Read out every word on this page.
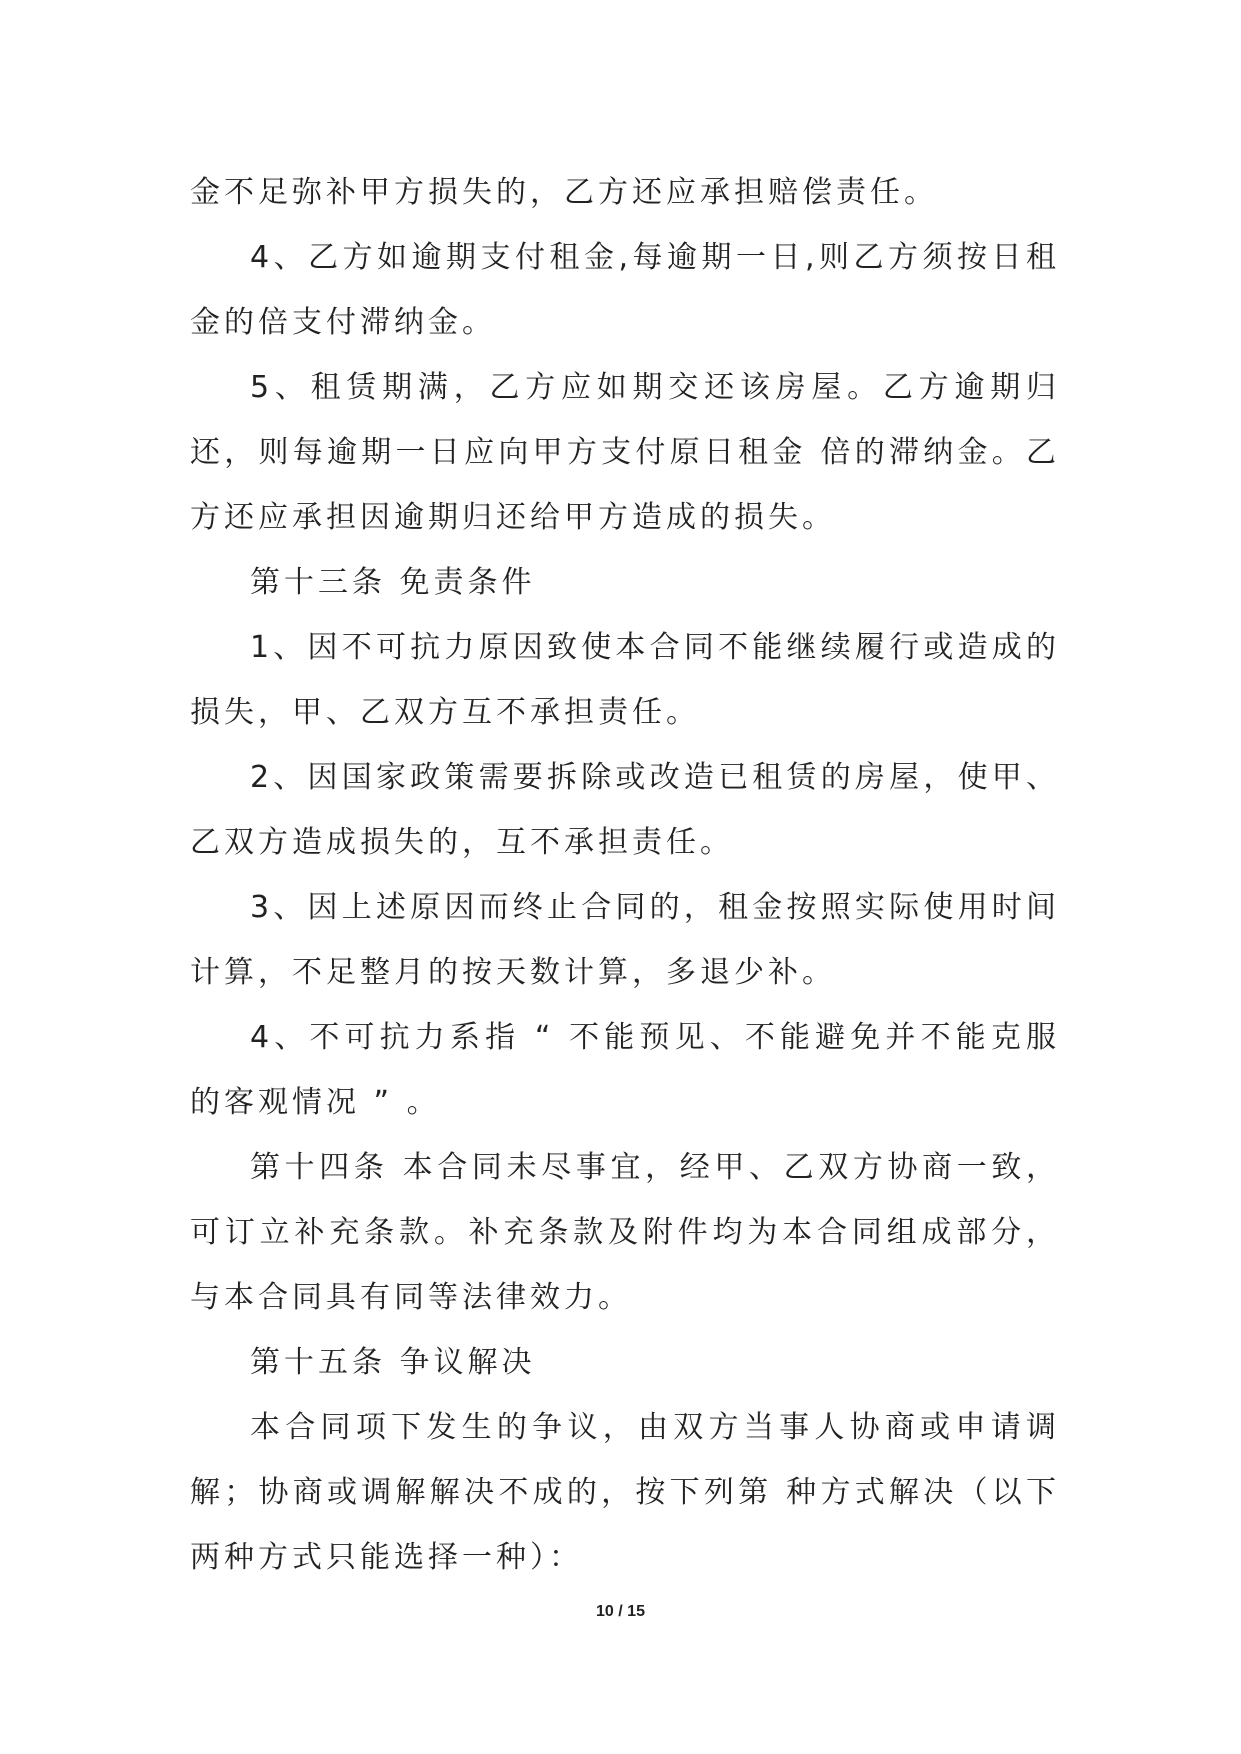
金不足弥补甲方损失的，乙方还应承担赔偿责任。

4、乙方如逾期支付租金,每逾期一日,则乙方须按日租金的倍支付滞纳金。

5、租赁期满，乙方应如期交还该房屋。乙方逾期归还，则每逾期一日应向甲方支付原日租金 倍的滞纳金。乙方还应承担因逾期归还给甲方造成的损失。

第十三条 免责条件

1、因不可抗力原因致使本合同不能继续履行或造成的损失，甲、乙双方互不承担责任。

2、因国家政策需要拆除或改造已租赁的房屋，使甲、乙双方造成损失的，互不承担责任。

3、因上述原因而终止合同的，租金按照实际使用时间计算，不足整月的按天数计算，多退少补。

4、不可抗力系指 “ 不能预见、不能避免并不能克服的客观情况 ” 。

第十四条 本合同未尽事宜，经甲、乙双方协商一致，可订立补充条款。补充条款及附件均为本合同组成部分，与本合同具有同等法律效力。

第十五条 争议解决

本合同项下发生的争议，由双方当事人协商或申请调解；协商或调解解决不成的，按下列第 种方式解决（以下两种方式只能选择一种）：

10 / 15
